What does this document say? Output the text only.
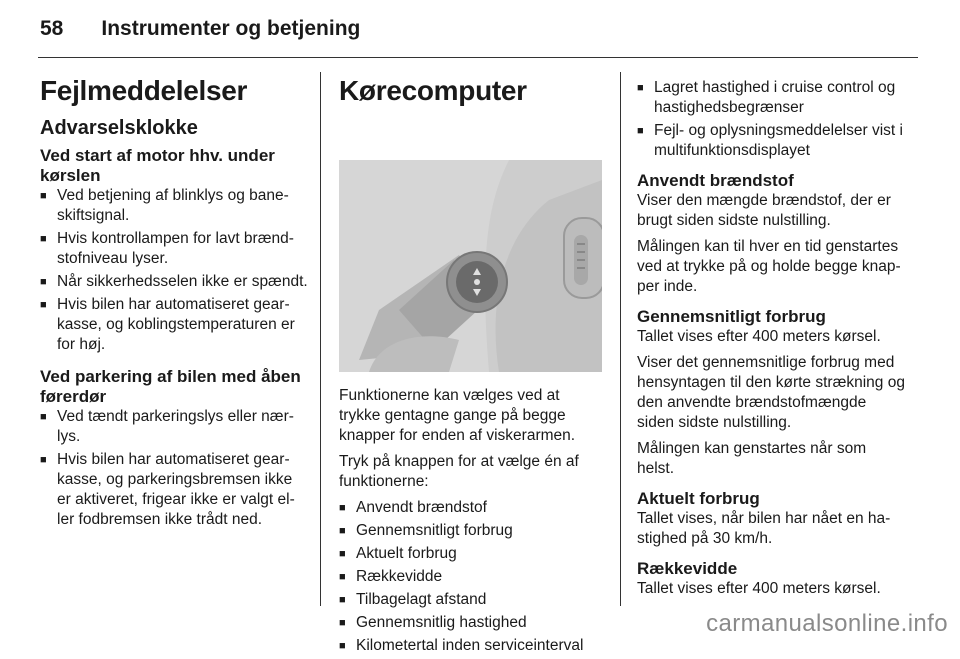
58 Instrumenter og betjening
Fejlmeddelelser
Advarselsklokke
Ved start af motor hhv. under kørslen
■ Ved betjening af blinklys og bane-skiftsignal.
■ Hvis kontrollampen for lavt brænd-stofniveau lyser.
■ Når sikkerhedsselen ikke er spændt.
■ Hvis bilen har automatiseret gear-kasse, og koblingstemperaturen er for høj.
Ved parkering af bilen med åben førerdør
■ Ved tændt parkeringslys eller nær-lys.
■ Hvis bilen har automatiseret gear-kasse, og parkeringsbremsen ikke er aktiveret, frigear ikke er valgt el-ler fodbremsen ikke trådt ned.
Kørecomputer

Funktionerne kan vælges ved at trykke gentagne gange på begge knapper for enden af viskerarmen.

Tryk på knappen for at vælge én af funktionerne:

■ Anvendt brændstof
■ Gennemsnitligt forbrug
■ Aktuelt forbrug
■ Rækkevidde
■ Tilbagelagt afstand
■ Gennemsnitlig hastighed
■ Kilometertal inden serviceinterval
■ Lagret hastighed i cruise control og hastighedsbegrænser
■ Fejl- og oplysningsmeddelelser vist i multifunktionsdisplayet
Anvendt brændstof

Viser den mængde brændstof, der er brugt siden sidste nulstilling.

Målingen kan til hver en tid genstartes ved at trykke på og holde begge knap-per inde.

Gennemsnitligt forbrug

Tallet vises efter 400 meters kørsel.

Viser det gennemsnitlige forbrug med hensyntagen til den kørte strækning og den anvendte brændstofmængde siden sidste nulstilling.

Målingen kan genstartes når som helst.

Aktuelt forbrug

Tallet vises, når bilen har nået en ha-stighed på 30 km/h.

Rækkevidde

Tallet vises efter 400 meters kørsel.

carmanualsonline.info
